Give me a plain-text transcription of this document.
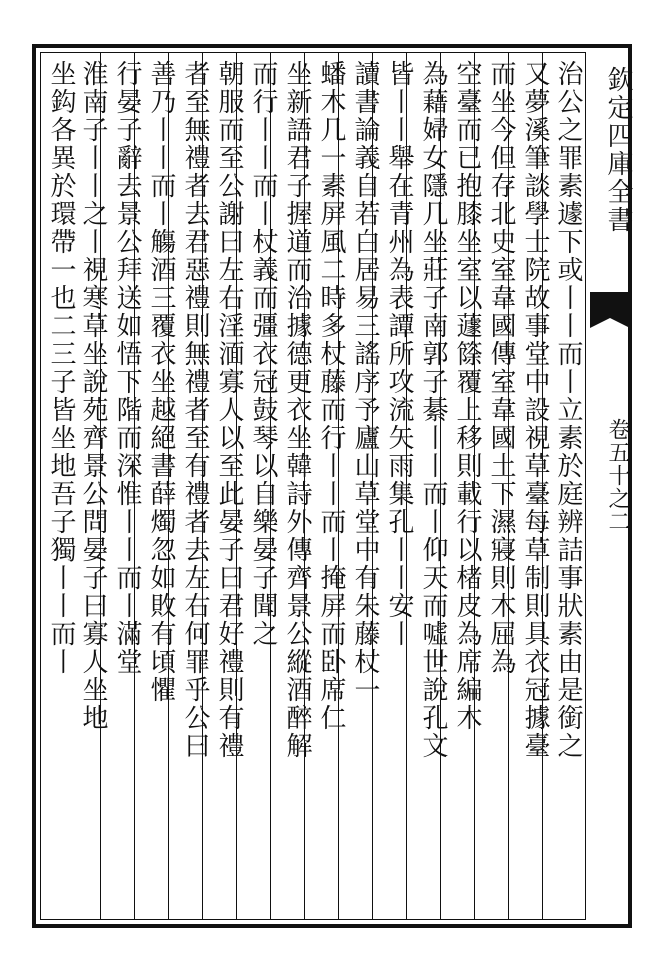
治公之罪素遽下或丨丨而丨立素於庭辨詰事狀素由是銜之
又夢溪筆談學士院故事堂中設視草臺每草制則具衣冠據臺
而坐今但存北史室韋國傳室韋國土下濕寢則木屈為
空臺而已抱膝坐室以蘧篨覆上移則載行以楮皮為席編木
為藉婦女隱几坐莊子南郭子綦丨丨而丨仰天而噓世說孔文
皆丨丨舉在青州為表譚所攻流矢雨集孔丨丨安丨
讀書論義自若白居易三謠序予廬山草堂中有朱藤杖一
蟠木几一素屏風二時多杖藤而行丨丨而丨掩屏而卧席仁
坐新語君子握道而治據德更衣坐韓詩外傳齊景公縱酒醉解
而行丨丨而丨杖義而彊衣冠鼓琴以自樂晏子聞之
朝服而至公謝曰左右淫湎寡人以至此晏子曰君好禮則有禮
者至無禮者去君惡禮則無禮者至有禮者去左右何罪乎公曰
善乃丨丨而丨觴酒三覆衣坐越絕書薛燭忽如敗有頃懼
行晏子辭去景公拜送如悟下階而深惟丨丨而丨滿堂
淮南子丨丨之丨視寒草坐說苑齊景公問晏子曰寡人坐地
坐鈎各異於環帶一也二三子皆坐地吾子獨丨丨而丨	欽定四庫全書
卷五十之二
